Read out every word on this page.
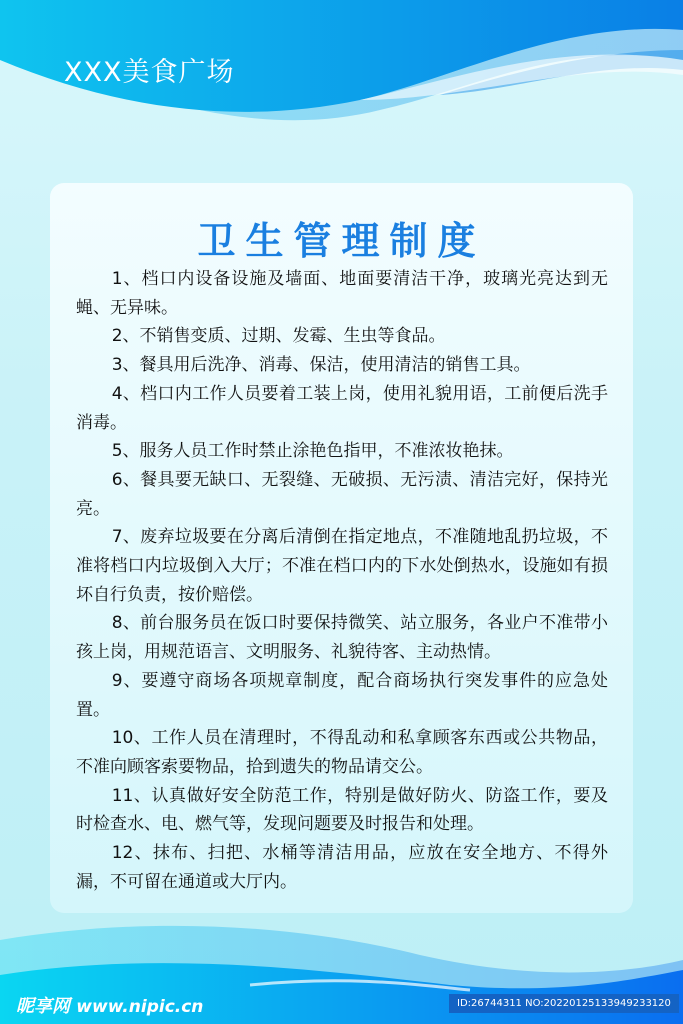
XXX美食广场
卫生管理制度

1、档口内设备设施及墙面、地面要清洁干净，玻璃光亮达到无蝇、无异味。

2、不销售变质、过期、发霉、生虫等食品。

3、餐具用后洗净、消毒、保洁，使用清洁的销售工具。

4、档口内工作人员要着工装上岗，使用礼貌用语，工前便后洗手消毒。

5、服务人员工作时禁止涂艳色指甲，不准浓妆艳抹。

6、餐具要无缺口、无裂缝、无破损、无污渍、清洁完好，保持光亮。

7、废弃垃圾要在分离后清倒在指定地点，不准随地乱扔垃圾，不准将档口内垃圾倒入大厅；不准在档口内的下水处倒热水，设施如有损坏自行负责，按价赔偿。

8、前台服务员在饭口时要保持微笑、站立服务，各业户不准带小孩上岗，用规范语言、文明服务、礼貌待客、主动热情。

9、要遵守商场各项规章制度，配合商场执行突发事件的应急处置。

10、工作人员在清理时，不得乱动和私拿顾客东西或公共物品，不准向顾客索要物品，拾到遗失的物品请交公。

11、认真做好安全防范工作，特别是做好防火、防盗工作，要及时检查水、电、燃气等，发现问题要及时报告和处理。

12、抹布、扫把、水桶等清洁用品，应放在安全地方、不得外漏，不可留在通道或大厅内。

昵享网 www.nipic.cn	ID:26744311 NO:20220125133949233120
